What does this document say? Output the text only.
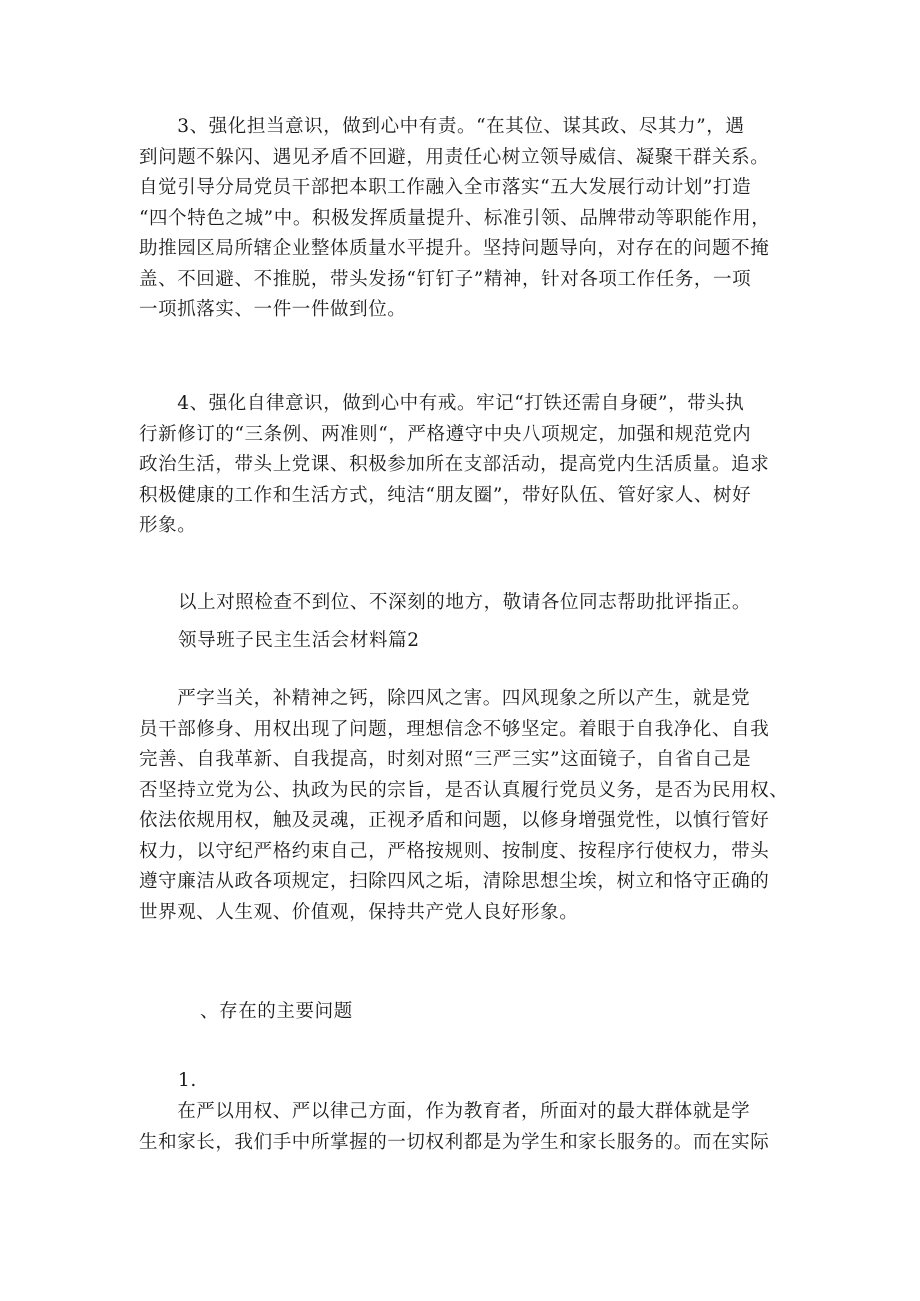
　　3、强化担当意识，做到心中有责。“在其位、谋其政、尽其力”，遇
到问题不躲闪、遇见矛盾不回避，用责任心树立领导威信、凝聚干群关系。
自觉引导分局党员干部把本职工作融入全市落实“五大发展行动计划”打造
“四个特色之城”中。积极发挥质量提升、标准引领、品牌带动等职能作用，
助推园区局所辖企业整体质量水平提升。坚持问题导向，对存在的问题不掩
盖、不回避、不推脱，带头发扬“钉钉子”精神，针对各项工作任务，一项
一项抓落实、一件一件做到位。
　　4、强化自律意识，做到心中有戒。牢记“打铁还需自身硬”，带头执
行新修订的“三条例、两准则“，严格遵守中央八项规定，加强和规范党内
政治生活，带头上党课、积极参加所在支部活动，提高党内生活质量。追求
积极健康的工作和生活方式，纯洁“朋友圈”，带好队伍、管好家人、树好
形象。
以上对照检查不到位、不深刻的地方，敬请各位同志帮助批评指正。
领导班子民主生活会材料篇2
　　严字当关，补精神之钙，除四风之害。四风现象之所以产生，就是党
员干部修身、用权出现了问题，理想信念不够坚定。着眼于自我净化、自我
完善、自我革新、自我提高，时刻对照“三严三实”这面镜子，自省自己是
否坚持立党为公、执政为民的宗旨，是否认真履行党员义务，是否为民用权、
依法依规用权，触及灵魂，正视矛盾和问题，以修身增强党性，以慎行管好
权力，以守纪严格约束自己，严格按规则、按制度、按程序行使权力，带头
遵守廉洁从政各项规定，扫除四风之垢，清除思想尘埃，树立和恪守正确的
世界观、人生观、价值观，保持共产党人良好形象。
、存在的主要问题
1.
　　在严以用权、严以律己方面，作为教育者，所面对的最大群体就是学
生和家长，我们手中所掌握的一切权利都是为学生和家长服务的。而在实际
